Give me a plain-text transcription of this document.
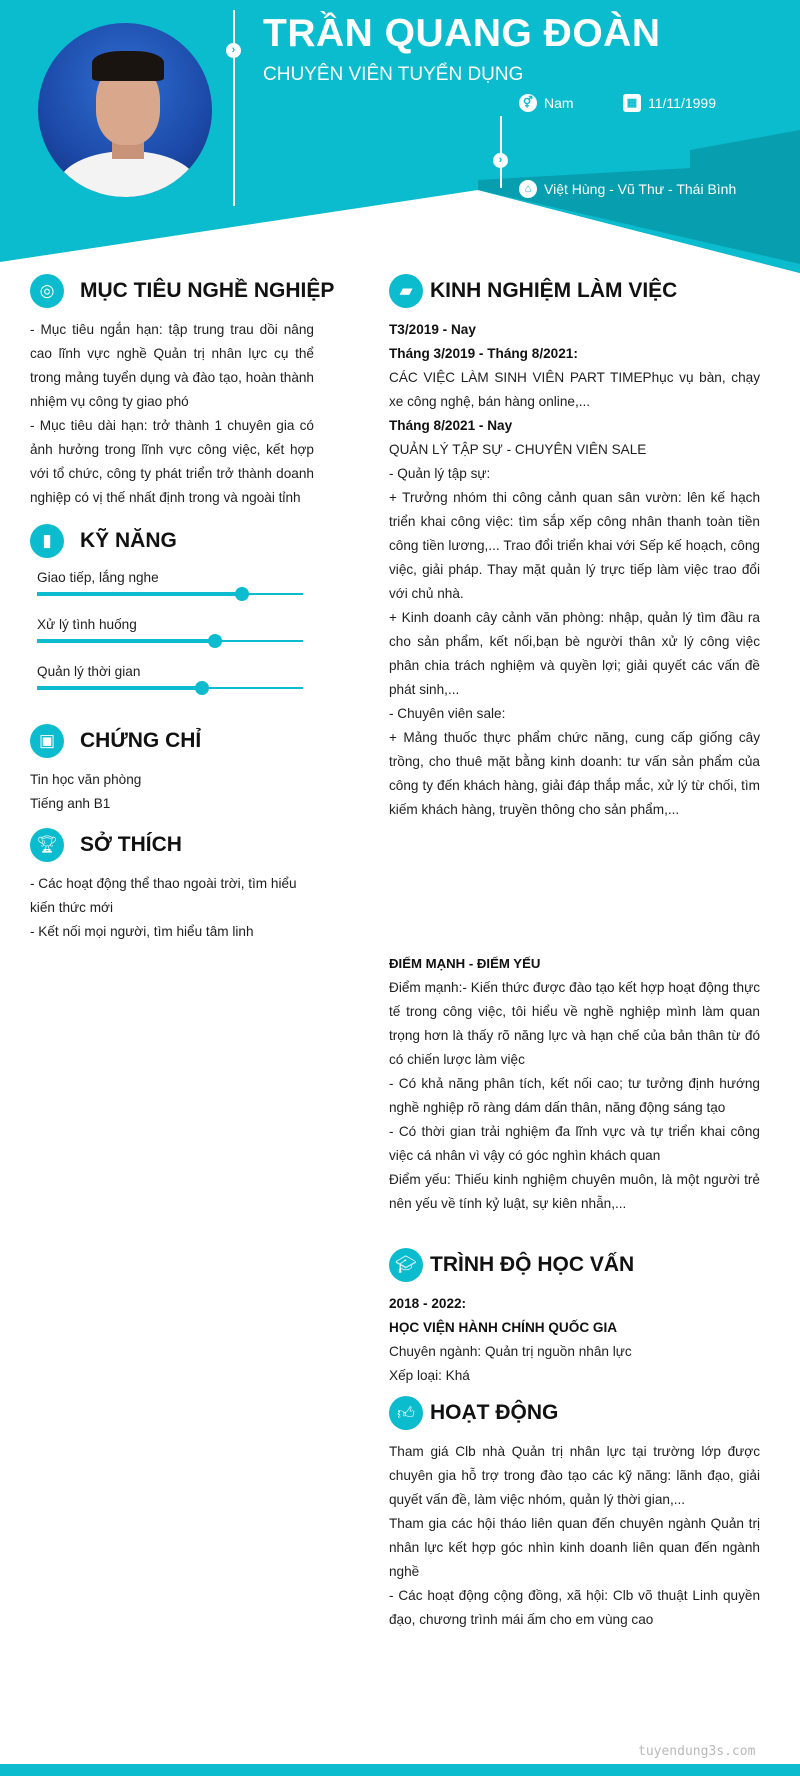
›
›
TRẦN QUANG ĐOÀN
CHUYÊN VIÊN TUYỂN DỤNG
⚥ Nam	▦ 11/11/1999
⌂ Việt Hùng - Vũ Thư - Thái Bình
◎	MỤC TIÊU NGHỀ NGHIỆP

- Mục tiêu ngắn hạn: tập trung trau dồi nâng cao lĩnh vực nghề Quản trị nhân lực cụ thể trong mảng tuyển dụng và đào tạo, hoàn thành nhiệm vụ công ty giao phó

- Mục tiêu dài hạn: trở thành 1 chuyên gia có ảnh hưởng trong lĩnh vực công việc, kết hợp với tổ chức, công ty phát triển trở thành doanh nghiệp có vị thế nhất định trong và ngoài tỉnh

▮	KỸ NĂNG
Giao tiếp, lắng nghe
Xử lý tình huống
Quản lý thời gian
▣	CHỨNG CHỈ

Tin học văn phòng

Tiếng anh B1

🏆︎ SỞ THÍCH

- Các hoạt động thể thao ngoài trời, tìm hiểu kiến thức mới

- Kết nối mọi người, tìm hiểu tâm linh

▰ KINH NGHIỆM LÀM VIỆC

T3/2019 - Nay

Tháng 3/2019 - Tháng 8/2021:

CÁC VIỆC LÀM SINH VIÊN PART TIMEPhục vụ bàn, chạy xe công nghệ, bán hàng online,...

Tháng 8/2021 - Nay

QUẢN LÝ TẬP SỰ - CHUYÊN VIÊN SALE

- Quản lý tập sự:

+ Trưởng nhóm thi công cảnh quan sân vườn: lên kế hạch triển khai công việc: tìm sắp xếp công nhân thanh toàn tiền công tiền lương,... Trao đổi triển khai với Sếp kế hoạch, công việc, giải pháp. Thay mặt quản lý trực tiếp làm việc trao đổi với chủ nhà.

+ Kinh doanh cây cảnh văn phòng: nhập, quản lý tìm đầu ra cho sản phẩm, kết nối,bạn bè người thân xử lý công việc phân chia trách nghiệm và quyền lợi; giải quyết các vấn đề phát sinh,...

- Chuyên viên sale:

+ Mảng thuốc thực phẩm chức năng, cung cấp giống cây trồng, cho thuê mặt bằng kinh doanh: tư vấn sản phẩm của công ty đến khách hàng, giải đáp thắp mắc, xử lý từ chối, tìm kiếm khách hàng, truyền thông cho sản phẩm,...

ĐIỂM MẠNH - ĐIỂM YẾU

Điểm mạnh:- Kiến thức được đào tạo kết hợp hoạt động thực tế trong công việc, tôi hiểu về nghề nghiệp mình làm quan trọng hơn là thấy rõ năng lực và hạn chế của bản thân từ đó có chiến lược làm việc

- Có khả năng phân tích, kết nối cao; tư tưởng định hướng nghề nghiệp rõ ràng dám dấn thân, năng động sáng tạo

- Có thời gian trải nghiệm đa lĩnh vực và tự triển khai công việc cá nhân vì vậy có góc nghìn khách quan

Điểm yếu: Thiếu kinh nghiệm chuyên muôn, là một người trẻ nên yếu về tính kỷ luật, sự kiên nhẫn,...

🎓︎ TRÌNH ĐỘ HỌC VẤN

2018 - 2022:

HỌC VIỆN HÀNH CHÍNH QUỐC GIA

Chuyên ngành: Quản trị nguồn nhân lực

Xếp loại: Khá

👍︎ HOẠT ĐỘNG

Tham giá Clb nhà Quản trị nhân lực tại trường lớp được chuyên gia hỗ trợ trong đào tạo các kỹ năng: lãnh đạo, giải quyết vấn đề, làm việc nhóm, quản lý thời gian,...

Tham gia các hội tháo liên quan đến chuyên ngành Quản trị nhân lực kết hợp góc nhìn kinh doanh liên quan đến ngành nghề

- Các hoạt động cộng đồng, xã hội: Clb võ thuật Linh quyền đạo, chương trình mái ấm cho em vùng cao

tuyendung3s.com
